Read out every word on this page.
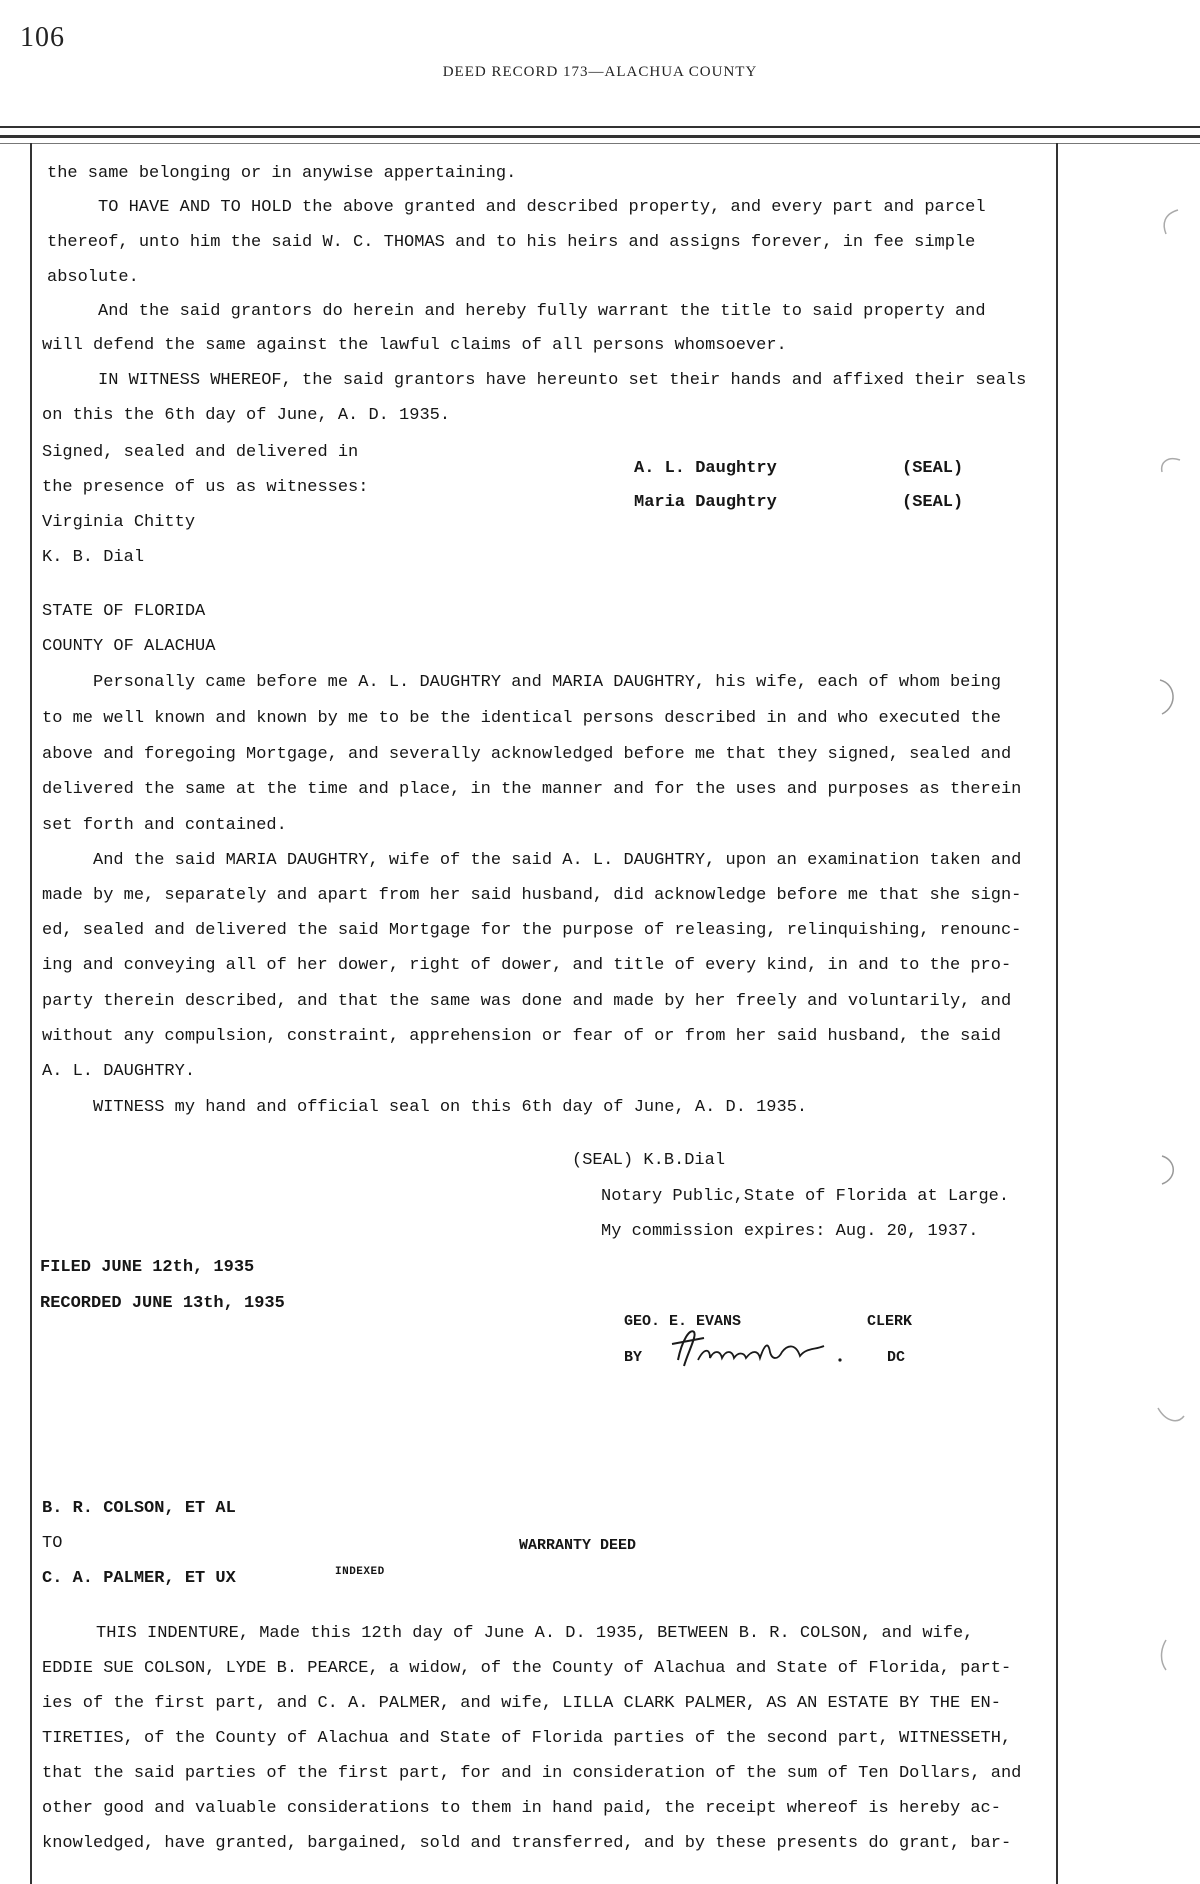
106
DEED RECORD 173—ALACHUA COUNTY
the same belonging or in anywise appertaining.
TO HAVE AND TO HOLD the above granted and described property, and every part and parcel
thereof, unto him the said W. C. THOMAS and to his heirs and assigns forever, in fee simple
absolute.
And the said grantors do herein and hereby fully warrant the title to said property and
will defend the same against the lawful claims of all persons whomsoever.
IN WITNESS WHEREOF, the said grantors have hereunto set their hands and affixed their seals
on this the 6th day of June, A. D. 1935.
Signed, sealed and delivered in
the presence of us as witnesses:
Virginia Chitty
K. B. Dial
A. L. Daughtry	(SEAL)
Maria Daughtry	(SEAL)
STATE OF FLORIDA
COUNTY OF ALACHUA
Personally came before me A. L. DAUGHTRY and MARIA DAUGHTRY, his wife, each of whom being
to me well known and known by me to be the identical persons described in and who executed the
above and foregoing Mortgage, and severally acknowledged before me that they signed, sealed and
delivered the same at the time and place, in the manner and for the uses and purposes as therein
set forth and contained.
And the said MARIA DAUGHTRY, wife of the said A. L. DAUGHTRY, upon an examination taken and
made by me, separately and apart from her said husband, did acknowledge before me that she sign-
ed, sealed and delivered the said Mortgage for the purpose of releasing, relinquishing, renounc-
ing and conveying all of her dower, right of dower, and title of every kind, in and to the pro-
party therein described, and that the same was done and made by her freely and voluntarily, and
without any compulsion, constraint, apprehension or fear of or from her said husband, the said
A. L. DAUGHTRY.
WITNESS my hand and official seal on this 6th day of June, A. D. 1935.
(SEAL) K.B.Dial
Notary Public,State of Florida at Large.
My commission expires: Aug. 20, 1937.
FILED JUNE 12th, 1935
RECORDED JUNE 13th, 1935
GEO. E. EVANS	CLERK
BY	DC
B. R. COLSON, ET AL
TO	WARRANTY DEED
C. A. PALMER, ET UX	INDEXED
THIS INDENTURE, Made this 12th day of June A. D. 1935, BETWEEN B. R. COLSON, and wife,
EDDIE SUE COLSON, LYDE B. PEARCE, a widow, of the County of Alachua and State of Florida, part-
ies of the first part, and C. A. PALMER, and wife, LILLA CLARK PALMER, AS AN ESTATE BY THE EN-
TIRETIES, of the County of Alachua and State of Florida parties of the second part, WITNESSETH,
that the said parties of the first part, for and in consideration of the sum of Ten Dollars, and
other good and valuable considerations to them in hand paid, the receipt whereof is hereby ac-
knowledged, have granted, bargained, sold and transferred, and by these presents do grant, bar-
